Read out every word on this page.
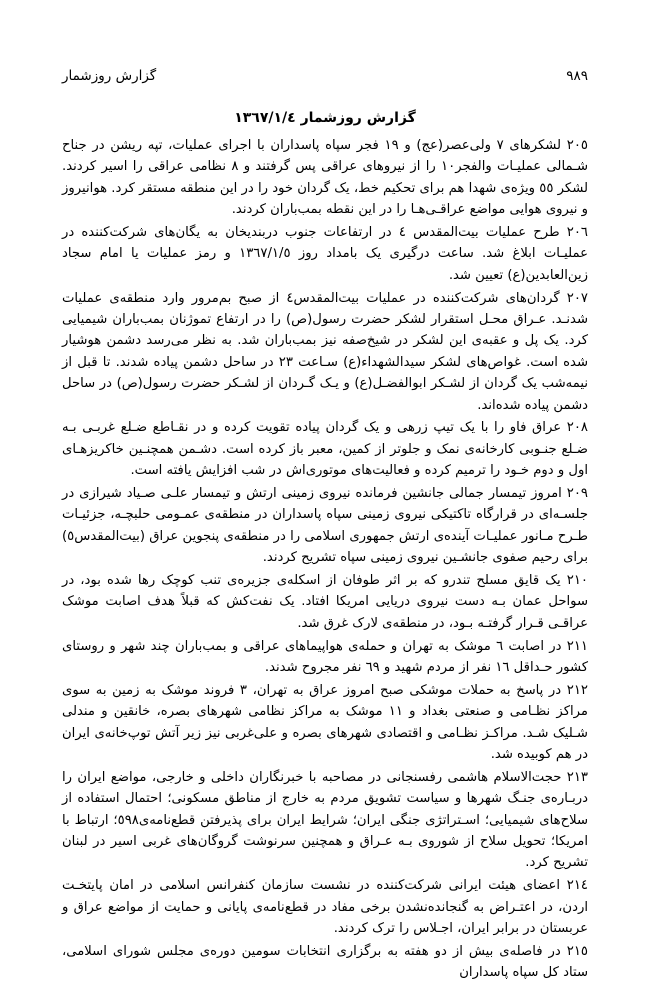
گزارش روزشمار	٩٨٩
گزارش روزشمار ١٣٦٧/١/٤

٢٠٥ لشكرهای ٧ ولی‌عصر(عج) و ١٩ فجر سپاه پاسداران با اجرای عملیات، تپه ریشن در جناح شـمالی عملیـات والفجر١٠ را از نیروهای عراقی پس گرفتند و ٨ نظامی عراقی را اسیر کردند. لشکر ٥٥ ویژه‌ی شهدا هم برای تحکیم خط، یک گردان خود را در این منطقه مستقر کرد. هوانیروز و نیروی هوایی مواضع عراقـی‌هـا را در این نقطه بمب‌باران کردند.

٢٠٦ طرح عملیات بیت‌المقدس ٤ در ارتفاعات جنوب دربندیخان به یگان‌های شرکت‌کننده در عملیـات ابلاغ شد. ساعت درگیری یک بامداد روز ١٣٦٧/١/٥ و رمز عملیات یا امام سجاد زین‌العابدین(ع) تعیین شد.

٢٠٧ گردان‌های شرکت‌کننده در عملیات بیت‌المقدس٤ از صبح بم‌مرور وارد منطقه‌ی عملیات شدنـد. عـراق محـل استقرار لشکر حضرت رسول(ص) را در ارتفاع تموژنان بمب‌باران شیمیایی کرد. یک پل و عقبه‌ی این لشکر در شیخ‌صفه نیز بمب‌باران شد. به نظر می‌رسد دشمن هوشیار شده است. غواص‌های لشکر سیدالشهداء(ع) سـاعت ٢٣ در ساحل دشمن پیاده شدند. تا قبل از نیمه‌شب یک گردان از لشـکر ابوالفضـل(ع) و یـک گـردان از لشـکر حضرت رسول(ص) در ساحل دشمن پیاده شده‌اند.

٢٠٨ عراق فاو را با یک تیپ زرهی و یک گردان پیاده تقویت کرده و در نقـاطع ضـلع غربـی بـه ضـلع جنـوبی کارخانه‌ی نمک و جلوتر از کمین، معبر باز کرده است. دشـمن همچنـین خاکریزهـای اول و دوم خـود را ترمیم کرده و فعالیت‌های موتوری‌اش در شب افزایش یافته است.

٢٠٩ امروز تیمسار جمالی جانشین فرمانده نیروی زمینی ارتش و تیمسار علـی صـیاد شیرازی در جلسـه‌ای در قرارگاه تاکتیکی نیروی زمینی سپاه پاسداران در منطقه‌ی عمـومی حلبچـه، جزئیـات طـرح مـانور عملیـات آینده‌ی ارتش جمهوری اسلامی را در منطقه‌ی پنجوین عراق (بیت‌المقدس٥) برای رحیم صفوی جانشـین نیروی زمینی سپاه تشریح کردند.

٢١٠ یک قایق مسلح تندرو که بر اثر طوفان از اسکله‌ی جزیره‌ی تنب کوچک رها شده بود، در سواحل عمان بـه دست نیروی دریایی امریکا افتاد. یک نفت‌کش که قبلاً هدف اصابت موشک عراقـی قـرار گرفتـه بـود، در منطقه‌ی لارک غرق شد.

٢١١ در اصابت ٦ موشک به تهران و حمله‌ی هواپیماهای عراقی و بمب‌باران چند شهر و روستای کشور حـداقل ١٦ نفر از مردم شهید و ٦٩ نفر مجروح شدند.

٢١٢ در پاسخ به حملات موشکی صبح امروز عراق به تهران، ٣ فروند موشک به زمین به سوی مراکز نظـامی و صنعتی بغداد و ١١ موشک به مراکز نظامی شهرهای بصره، خانقین و مندلی شـلیک شـد. مراکـز نظـامی و اقتصادی شهرهای بصره و علی‌غربی نیز زیر آتش توپ‌خانه‌ی ایران در هم کوبیده شد.

٢١٣ حجت‌الاسلام هاشمی رفسنجانی در مصاحبه با خبرنگاران داخلی و خارجی، مواضع ایران را دربـاره‌ی جنـگ شهرها و سیاست تشویق مردم به خارج از مناطق مسکونی؛ احتمال استفاده از سلاح‌های شیمیایی؛ اسـتراتژی جنگی ایران؛ شرایط ایران برای پذیرفتن قطع‌نامه‌ی٥٩٨؛ ارتباط با امریکا؛ تحویل سلاح از شوروی بـه عـراق و همچنین سرنوشت گروگان‌های غربی اسیر در لبنان تشریح کرد.

٢١٤ اعضای هیئت ایرانی شرکت‌کننده در نشست سازمان کنفرانس اسلامی در امان پایتخـت اردن، در اعتـراض به گنجانده‌نشدن برخی مفاد در قطع‌نامه‌ی پایانی و حمایت از مواضع عراق و عربستان در برابر ایران، اجـلاس را ترک کردند.

٢١٥ در فاصله‌ی بیش از دو هفته به برگزاری انتخابات سومین دوره‌ی مجلس شورای اسلامی، ستاد کل سپاه پاسداران
